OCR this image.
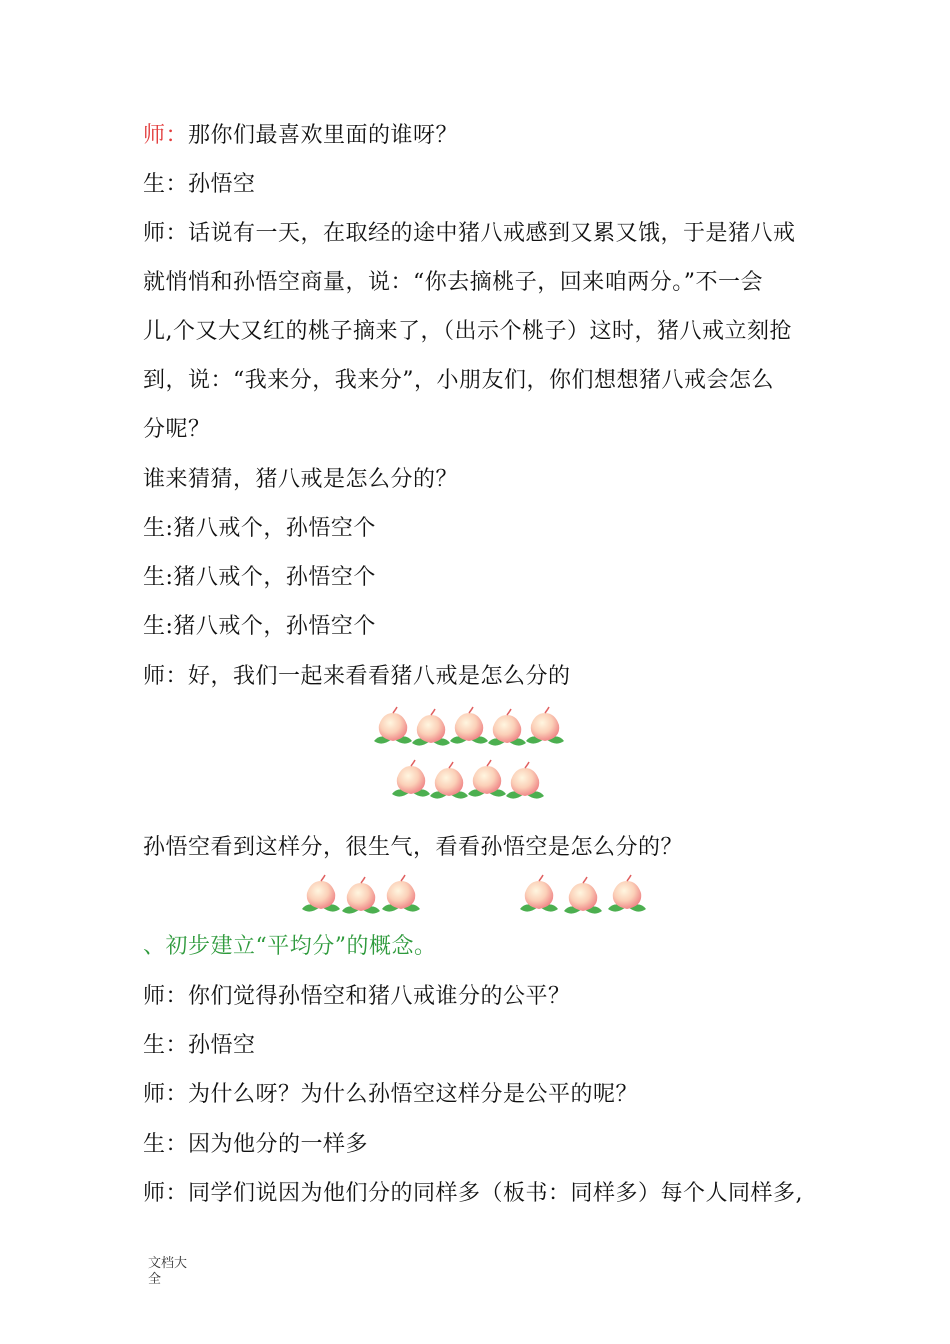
师：那你们最喜欢里面的谁呀？
生：孙悟空
师：话说有一天，在取经的途中猪八戒感到又累又饿，于是猪八戒
就悄悄和孙悟空商量，说：“你去摘桃子，回来咱两分。”不一会
儿,个又大又红的桃子摘来了，（出示个桃子）这时，猪八戒立刻抢
到，说：“我来分，我来分”，小朋友们，你们想想猪八戒会怎么
分呢？
谁来猜猜，猪八戒是怎么分的？
生:猪八戒个，孙悟空个
生:猪八戒个，孙悟空个
生:猪八戒个，孙悟空个
师：好，我们一起来看看猪八戒是怎么分的
孙悟空看到这样分，很生气，看看孙悟空是怎么分的？
、初步建立“平均分”的概念。
师：你们觉得孙悟空和猪八戒谁分的公平？
生：孙悟空
师：为什么呀？为什么孙悟空这样分是公平的呢？
生：因为他分的一样多
师：同学们说因为他们分的同样多（板书：同样多）每个人同样多,
文档大全
